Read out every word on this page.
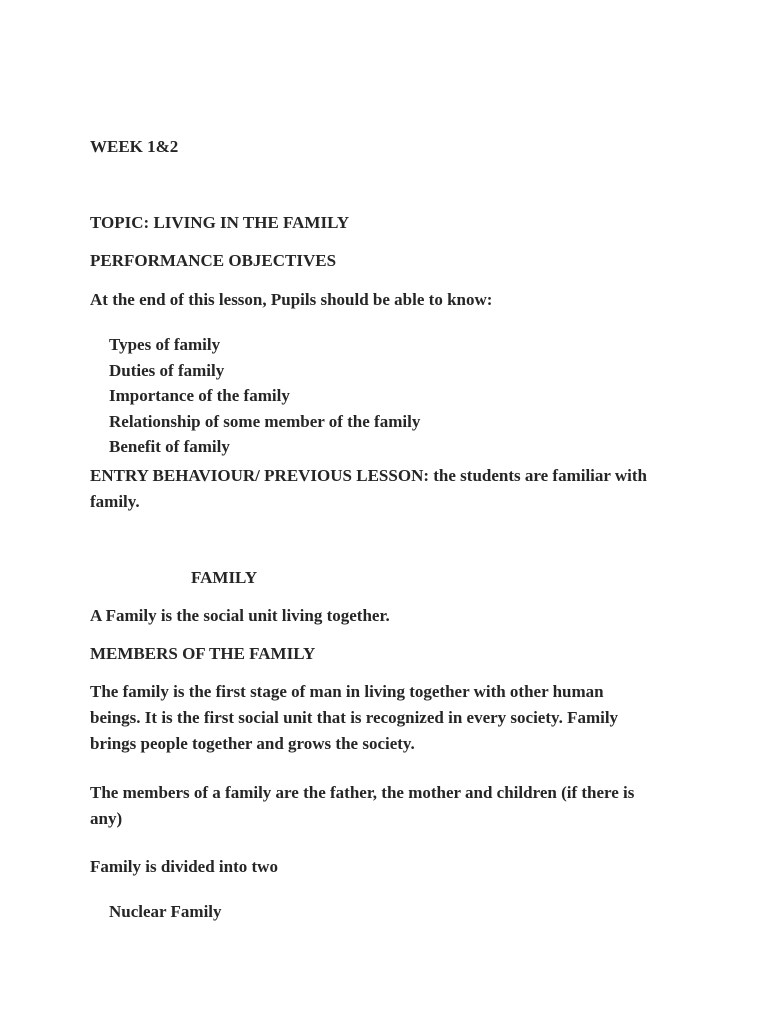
WEEK 1&2
TOPIC: LIVING IN THE FAMILY
PERFORMANCE OBJECTIVES
At the end of this lesson, Pupils should be able to know:
Types of family
Duties of family
Importance of the family
Relationship of some member of the family
Benefit of family
ENTRY BEHAVIOUR/ PREVIOUS LESSON: the students are familiar with
family.
FAMILY
A Family is the social unit living together.
MEMBERS OF THE FAMILY
The family is the first stage of man in living together with other human
beings. It is the first social unit that is recognized in every society. Family
brings people together and grows the society.
The members of a family are the father, the mother and children (if there is
any)
Family is divided into two
Nuclear Family
